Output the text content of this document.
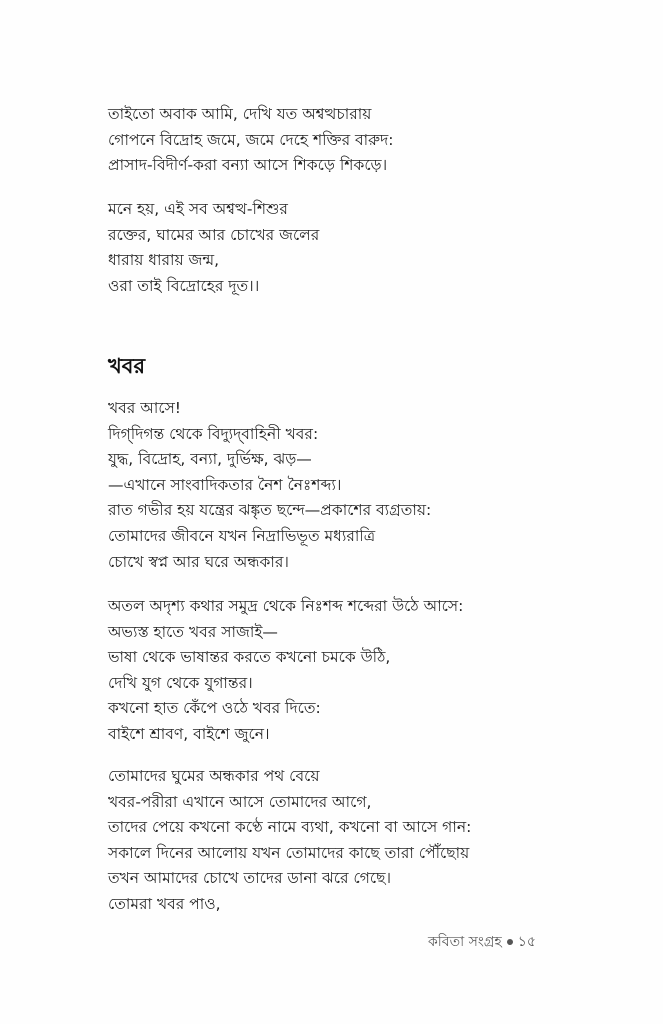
তাইতো অবাক আমি, দেখি যত অশ্বত্থচারায়
গোপনে বিদ্রোহ জমে, জমে দেহে শক্তির বারুদ:
প্রাসাদ-বিদীর্ণ-করা বন্যা আসে শিকড়ে শিকড়ে।
মনে হয়, এই সব অশ্বত্থ-শিশুর
রক্তের, ঘামের আর চোখের জলের
ধারায় ধারায় জন্ম,
ওরা তাই বিদ্রোহের দূত।।
খবর
খবর আসে!
দিগ্‌দিগন্ত থেকে বিদ্যুদ্‌বাহিনী খবর:
যুদ্ধ, বিদ্রোহ, বন্যা, দুর্ভিক্ষ, ঝড়—
—এখানে সাংবাদিকতার নৈশ নৈঃশব্দ্য।
রাত গভীর হয় যন্ত্রের ঝঙ্কৃত ছন্দে—প্রকাশের ব্যগ্রতায়:
তোমাদের জীবনে যখন নিদ্রাভিভূত মধ্যরাত্রি
চোখে স্বপ্ন আর ঘরে অন্ধকার।
অতল অদৃশ্য কথার সমুদ্র থেকে নিঃশব্দ শব্দেরা উঠে আসে:
অভ্যস্ত হাতে খবর সাজাই—
ভাষা থেকে ভাষান্তর করতে কখনো চমকে উঠি,
দেখি যুগ থেকে যুগান্তর।
কখনো হাত কেঁপে ওঠে খবর দিতে:
বাইশে শ্রাবণ, বাইশে জুনে।
তোমাদের ঘুমের অন্ধকার পথ বেয়ে
খবর-পরীরা এখানে আসে তোমাদের আগে,
তাদের পেয়ে কখনো কণ্ঠে নামে ব্যথা, কখনো বা আসে গান:
সকালে দিনের আলোয় যখন তোমাদের কাছে তারা পৌঁছোয়
তখন আমাদের চোখে তাদের ডানা ঝরে গেছে।
তোমরা খবর পাও,
কবিতা সংগ্রহ ১৫
